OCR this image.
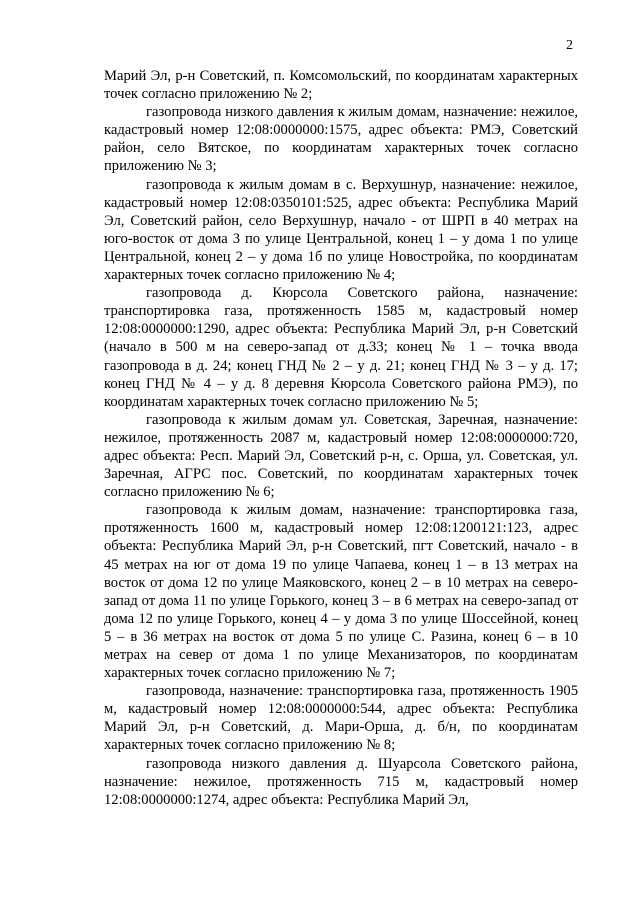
2

Марий Эл, р-н Советский, п. Комсомольский, по координатам характерных точек согласно приложению № 2;

газопровода низкого давления к жилым домам, назначение: нежилое, кадастровый номер 12:08:0000000:1575, адрес объекта: РМЭ, Советский район, село Вятское, по координатам характерных точек согласно приложению № 3;

газопровода к жилым домам в с. Верхушнур, назначение: нежилое, кадастровый номер 12:08:0350101:525, адрес объекта: Республика Марий Эл, Советский район, село Верхушнур, начало - от ШРП в 40 метрах на юго-восток от дома 3 по улице Центральной, конец 1 – у дома 1 по улице Центральной, конец 2 – у дома 1б по улице Новостройка, по координатам характерных точек согласно приложению № 4;

газопровода д. Кюрсола Советского района, назначение: транспортировка газа, протяженность 1585 м, кадастровый номер 12:08:0000000:1290, адрес объекта: Республика Марий Эл, р-н Советский (начало в 500 м на северо-запад от д.33; конец № 1 – точка ввода газопровода в д. 24; конец ГНД № 2 – у д. 21; конец ГНД № 3 – у д. 17; конец ГНД № 4 – у д. 8 деревня Кюрсола Советского района РМЭ), по координатам характерных точек согласно приложению № 5;

газопровода к жилым домам ул. Советская, Заречная, назначение: нежилое, протяженность 2087 м, кадастровый номер 12:08:0000000:720, адрес объекта: Респ. Марий Эл, Советский р-н, с. Орша, ул. Советская, ул. Заречная, АГРС пос. Советский, по координатам характерных точек согласно приложению № 6;

газопровода к жилым домам, назначение: транспортировка газа, протяженность 1600 м, кадастровый номер 12:08:1200121:123, адрес объекта: Республика Марий Эл, р-н Советский, пгт Советский, начало - в 45 метрах на юг от дома 19 по улице Чапаева, конец 1 – в 13 метрах на восток от дома 12 по улице Маяковского, конец 2 – в 10 метрах на северо-запад от дома 11 по улице Горького, конец 3 – в 6 метрах на северо-запад от дома 12 по улице Горького, конец 4 – у дома 3 по улице Шоссейной, конец 5 – в 36 метрах на восток от дома 5 по улице С. Разина, конец 6 – в 10 метрах на север от дома 1 по улице Механизаторов, по координатам характерных точек согласно приложению № 7;

газопровода, назначение: транспортировка газа, протяженность 1905 м, кадастровый номер 12:08:0000000:544, адрес объекта: Республика Марий Эл, р-н Советский, д. Мари-Орша, д. б/н, по координатам характерных точек согласно приложению № 8;

газопровода низкого давления д. Шуарсола Советского района, назначение: нежилое, протяженность 715 м, кадастровый номер 12:08:0000000:1274, адрес объекта: Республика Марий Эл,
